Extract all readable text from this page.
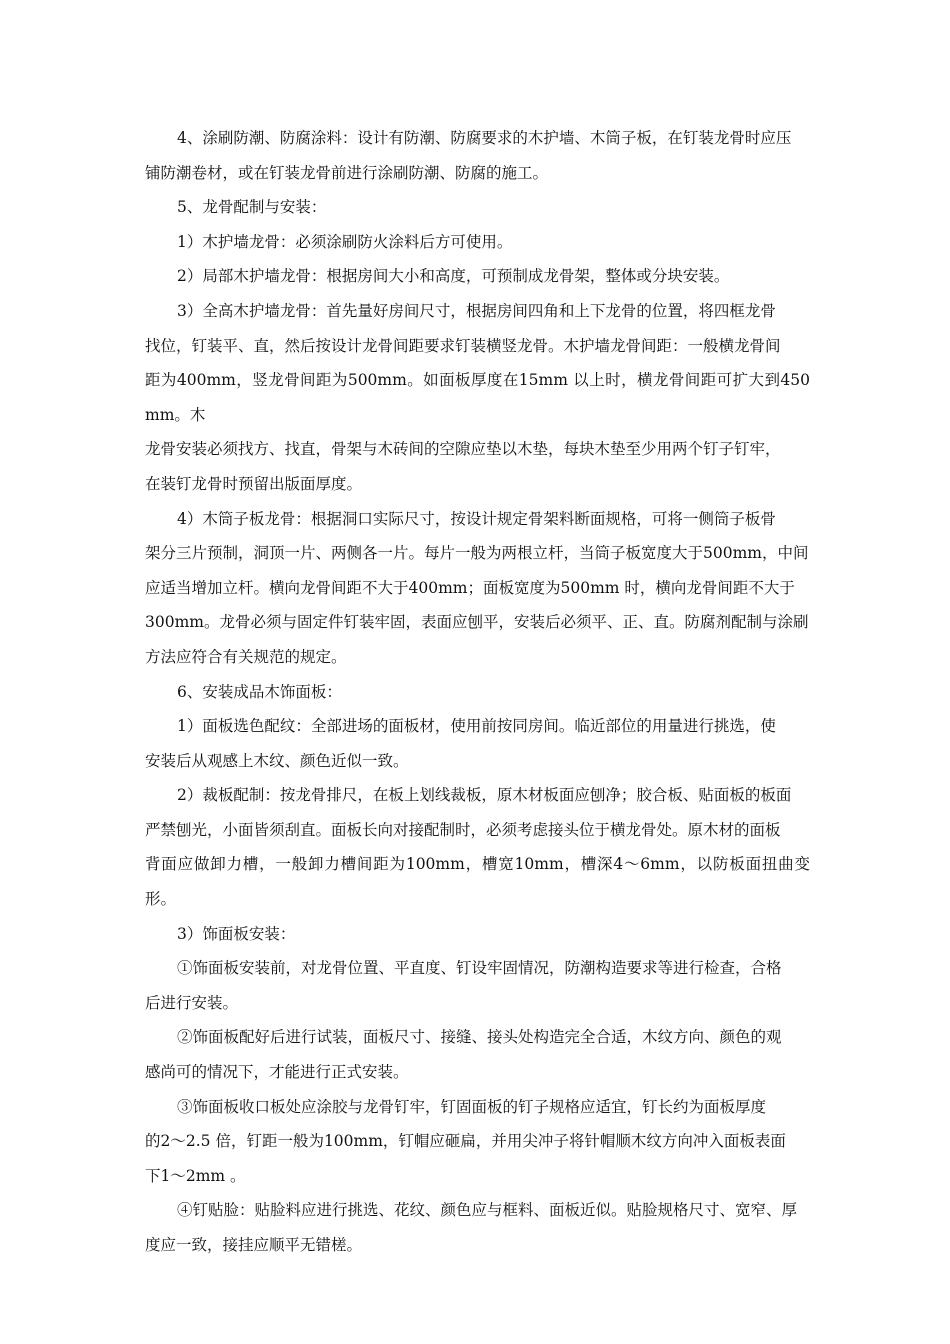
4、涂刷防潮、防腐涂料：设计有防潮、防腐要求的木护墙、木筒子板，在钉装龙骨时应压
铺防潮卷材，或在钉装龙骨前进行涂刷防潮、防腐的施工。

5、龙骨配制与安装：

1）木护墙龙骨：必须涂刷防火涂料后方可使用。

2）局部木护墙龙骨：根据房间大小和高度，可预制成龙骨架，整体或分块安装。

3）全高木护墙龙骨：首先量好房间尺寸，根据房间四角和上下龙骨的位置，将四框龙骨
找位，钉装平、直，然后按设计龙骨间距要求钉装横竖龙骨。木护墙龙骨间距：一般横龙骨间
距为400mm，竖龙骨间距为500mm。如面板厚度在15mm 以上时，横龙骨间距可扩大到450mm。木
龙骨安装必须找方、找直，骨架与木砖间的空隙应垫以木垫，每块木垫至少用两个钉子钉牢，
在装钉龙骨时预留出版面厚度。

4）木筒子板龙骨：根据洞口实际尺寸，按设计规定骨架料断面规格，可将一侧筒子板骨
架分三片预制，洞顶一片、两侧各一片。每片一般为两根立杆，当筒子板宽度大于500mm，中间
应适当增加立杆。横向龙骨间距不大于400mm；面板宽度为500mm 时，横向龙骨间距不大于
300mm。龙骨必须与固定件钉装牢固，表面应刨平，安装后必须平、正、直。防腐剂配制与涂刷
方法应符合有关规范的规定。

6、安装成品木饰面板：

1）面板选色配纹：全部进场的面板材，使用前按同房间。临近部位的用量进行挑选，使
安装后从观感上木纹、颜色近似一致。

2）裁板配制：按龙骨排尺，在板上划线裁板，原木材板面应刨净；胶合板、贴面板的板面
严禁刨光，小面皆须刮直。面板长向对接配制时，必须考虑接头位于横龙骨处。原木材的面板
背面应做卸力槽，一般卸力槽间距为100mm，槽宽10mm，槽深4～6mm，以防板面扭曲变形。

3）饰面板安装：

①饰面板安装前，对龙骨位置、平直度、钉设牢固情况，防潮构造要求等进行检查，合格
后进行安装。

②饰面板配好后进行试装，面板尺寸、接缝、接头处构造完全合适，木纹方向、颜色的观
感尚可的情况下，才能进行正式安装。

③饰面板收口板处应涂胶与龙骨钉牢，钉固面板的钉子规格应适宜，钉长约为面板厚度
的2～2.5 倍，钉距一般为100mm，钉帽应砸扁，并用尖冲子将针帽顺木纹方向冲入面板表面
下1～2mm 。

④钉贴脸：贴脸料应进行挑选、花纹、颜色应与框料、面板近似。贴脸规格尺寸、宽窄、厚
度应一致，接挂应顺平无错槎。
